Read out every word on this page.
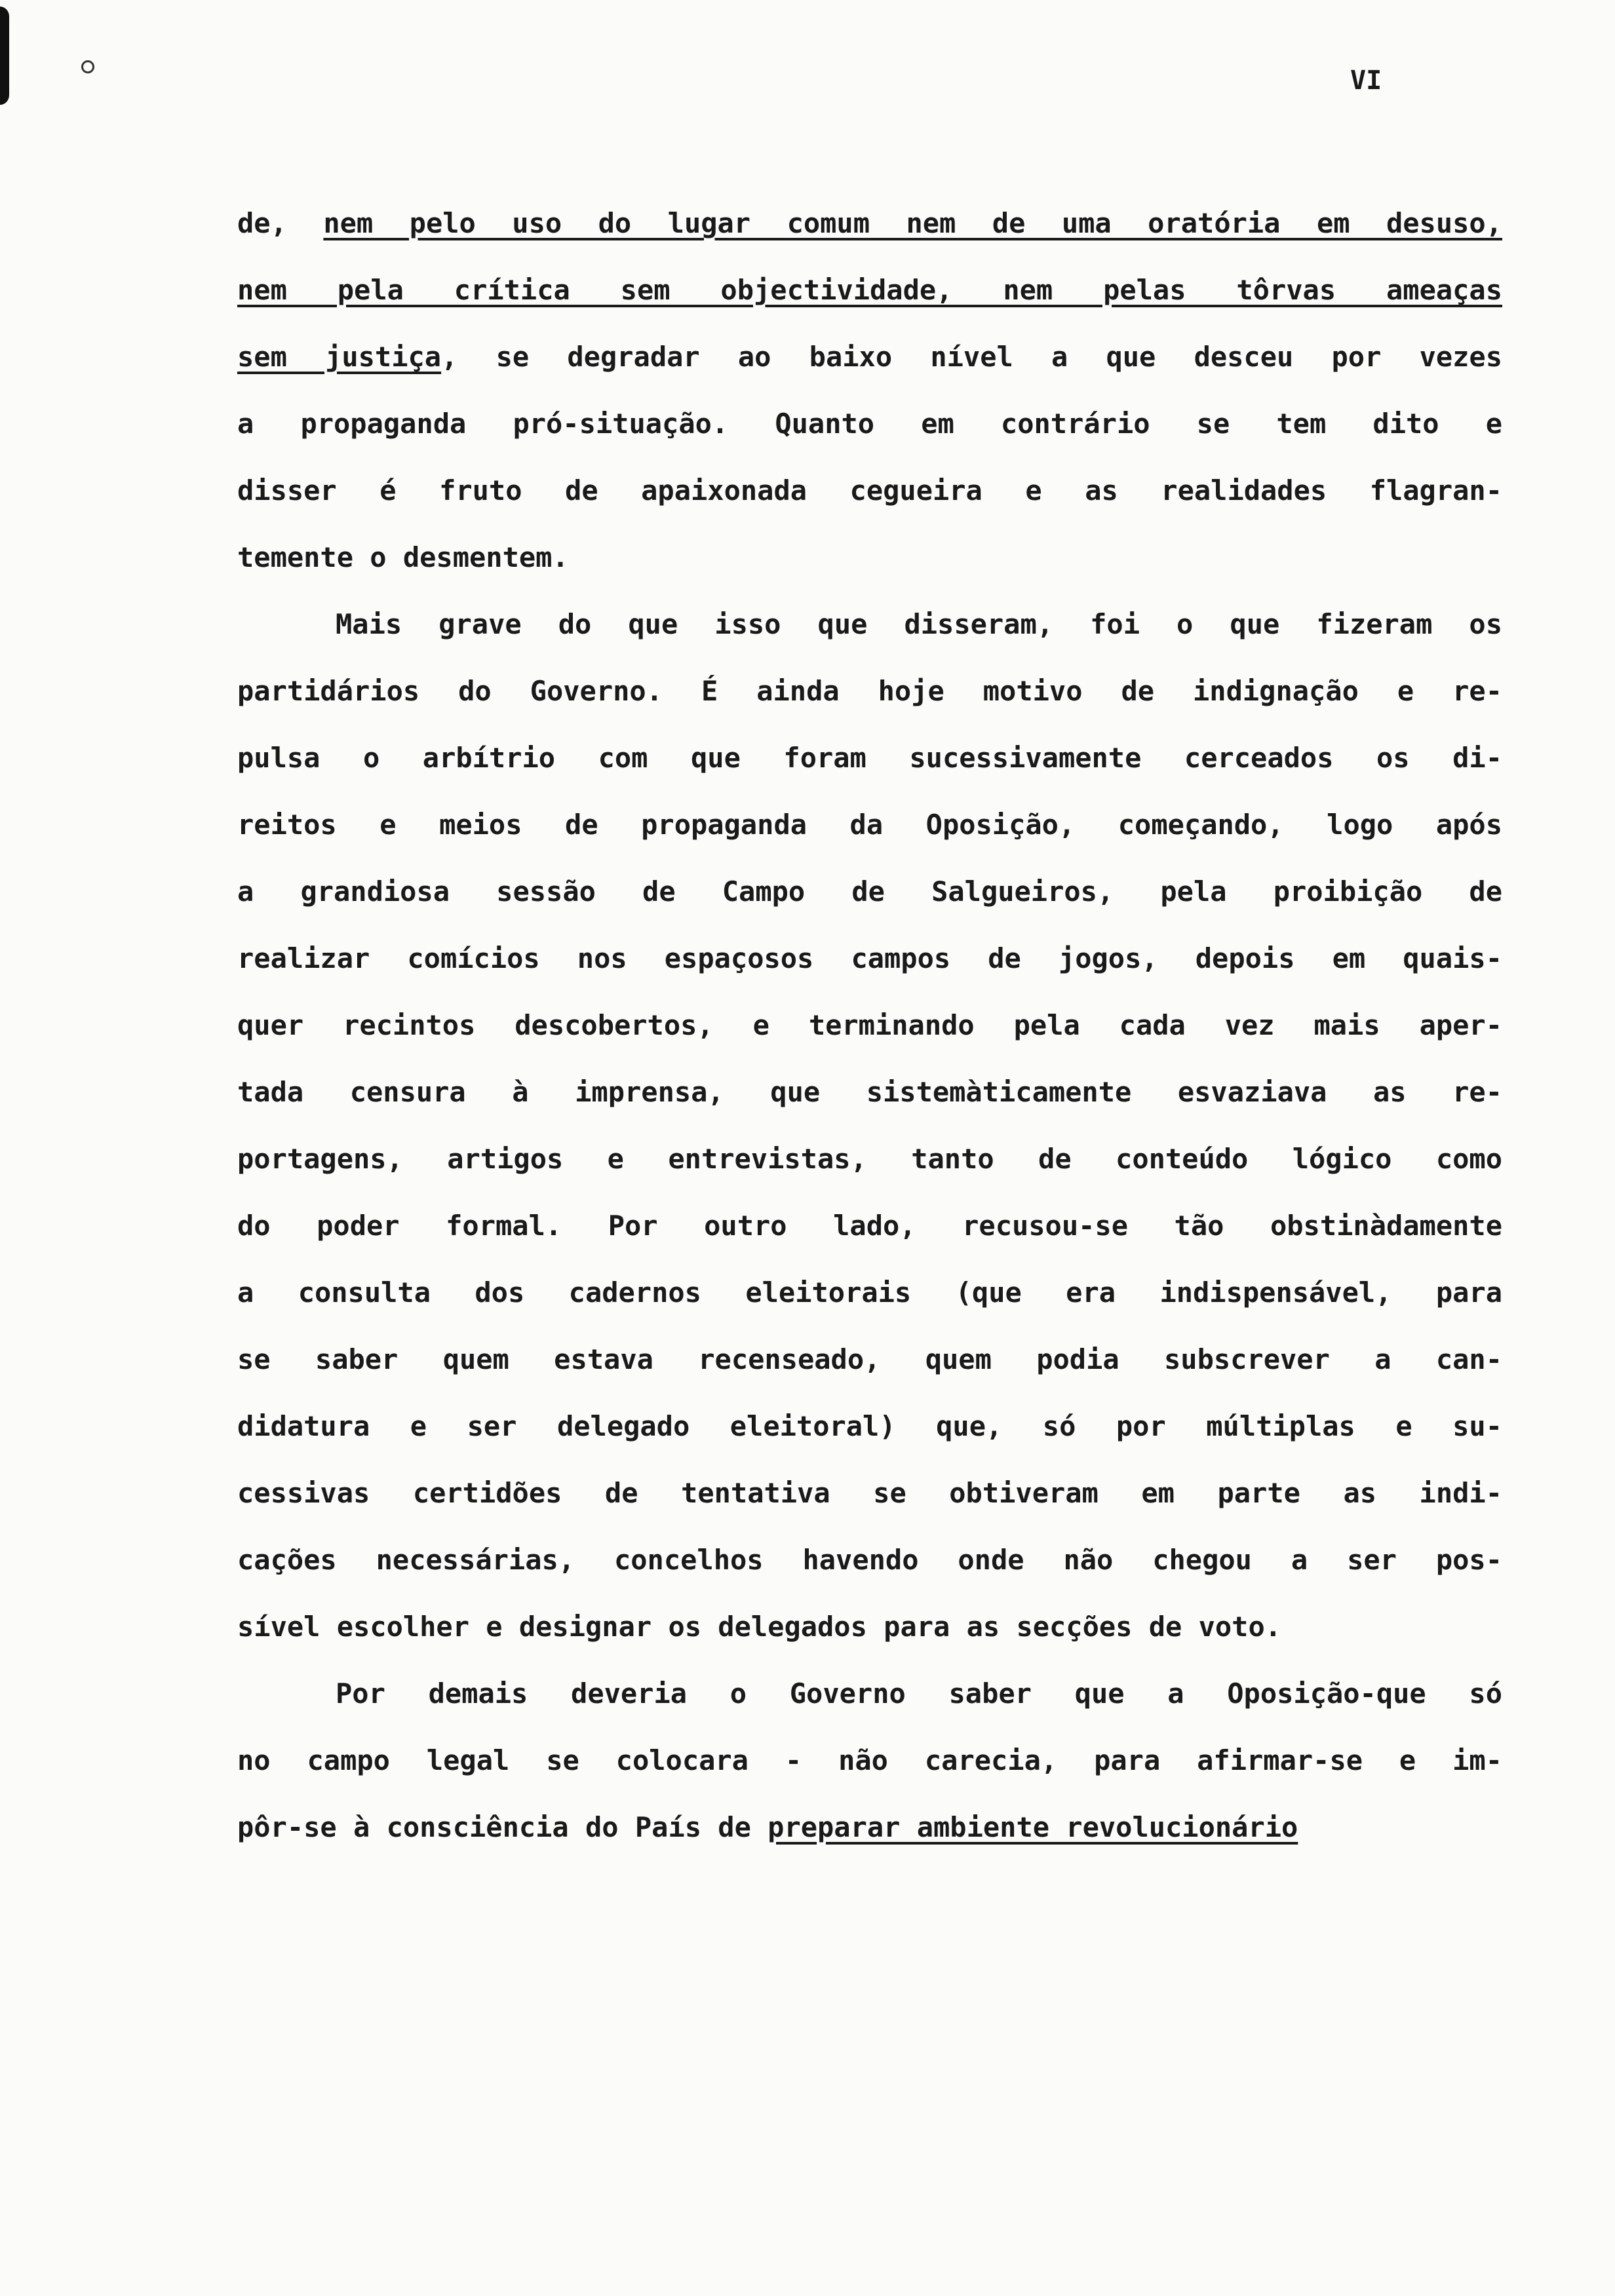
VI
de, nem pelo uso do lugar comum nem de uma oratória em desuso,
nem pela crítica sem objectividade, nem pelas tôrvas ameaças
sem justiça, se degradar ao baixo nível a que desceu por vezes
a propaganda pró-situação. Quanto em contrário se tem dito e
disser é fruto de apaixonada cegueira e as realidades flagran-
temente o desmentem.
Mais grave do que isso que disseram, foi o que fizeram os
partidários do Governo. É ainda hoje motivo de indignação e re-
pulsa o arbítrio com que foram sucessivamente cerceados os di-
reitos e meios de propaganda da Oposição, começando, logo após
a grandiosa sessão de Campo de Salgueiros, pela proibição de
realizar comícios nos espaçosos campos de jogos, depois em quais-
quer recintos descobertos, e terminando pela cada vez mais aper-
tada censura à imprensa, que sistemàticamente esvaziava as re-
portagens, artigos e entrevistas, tanto de conteúdo lógico como
do poder formal. Por outro lado, recusou-se tão obstinàdamente
a consulta dos cadernos eleitorais (que era indispensável, para
se saber quem estava recenseado, quem podia subscrever a can-
didatura e ser delegado eleitoral) que, só por múltiplas e su-
cessivas certidões de tentativa se obtiveram em parte as indi-
cações necessárias, concelhos havendo onde não chegou a ser pos-
sível escolher e designar os delegados para as secções de voto.
Por demais deveria o Governo saber que a Oposição-que só
no campo legal se colocara - não carecia, para afirmar-se e im-
pôr-se à consciência do País de preparar ambiente revolucionário
